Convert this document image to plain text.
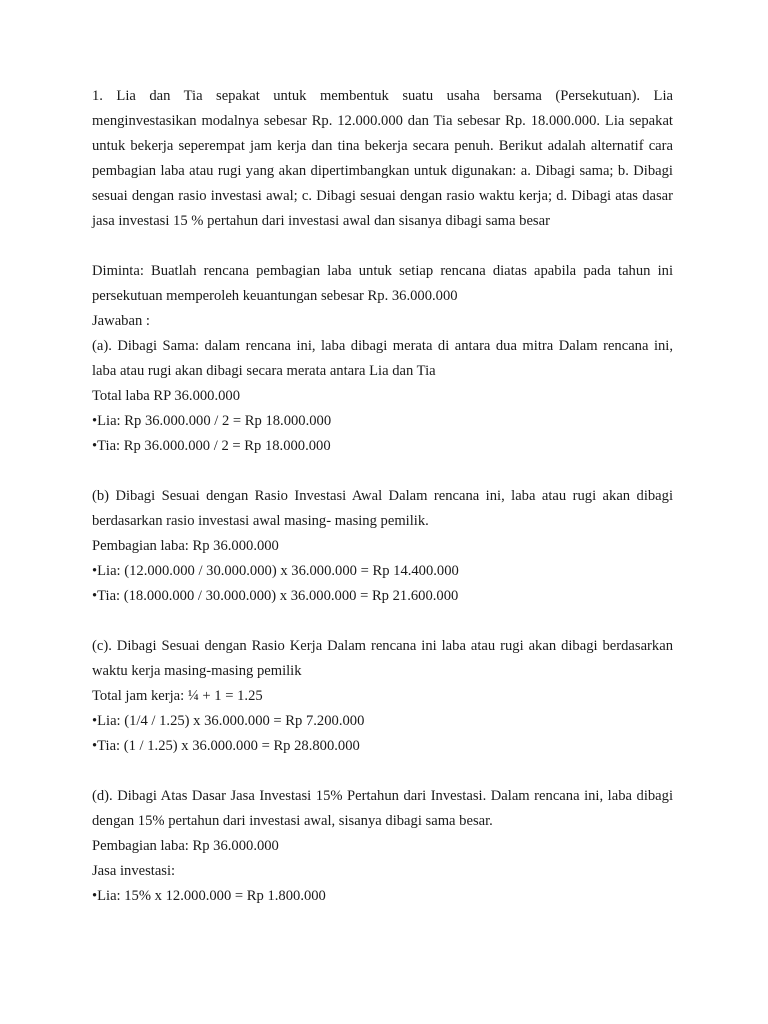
1. Lia dan Tia sepakat untuk membentuk suatu usaha bersama (Persekutuan). Lia menginvestasikan modalnya sebesar Rp. 12.000.000 dan Tia sebesar Rp. 18.000.000. Lia sepakat untuk bekerja seperempat jam kerja dan tina bekerja secara penuh. Berikut adalah alternatif cara pembagian laba atau rugi yang akan dipertimbangkan untuk digunakan: a. Dibagi sama; b. Dibagi sesuai dengan rasio investasi awal; c. Dibagi sesuai dengan rasio waktu kerja; d. Dibagi atas dasar jasa investasi 15 % pertahun dari investasi awal dan sisanya dibagi sama besar

Diminta: Buatlah rencana pembagian laba untuk setiap rencana diatas apabila pada tahun ini persekutuan memperoleh keuantungan sebesar Rp. 36.000.000

Jawaban :

(a). Dibagi Sama: dalam rencana ini, laba dibagi merata di antara dua mitra Dalam rencana ini, laba atau rugi akan dibagi secara merata antara Lia dan Tia

Total laba RP 36.000.000

•Lia: Rp 36.000.000 / 2 = Rp 18.000.000

•Tia: Rp 36.000.000 / 2 = Rp 18.000.000

(b) Dibagi Sesuai dengan Rasio Investasi Awal Dalam rencana ini, laba atau rugi akan dibagi berdasarkan rasio investasi awal masing- masing pemilik.

Pembagian laba: Rp 36.000.000

•Lia: (12.000.000 / 30.000.000) x 36.000.000 = Rp 14.400.000

•Tia: (18.000.000 / 30.000.000) x 36.000.000 = Rp 21.600.000

(c). Dibagi Sesuai dengan Rasio Kerja Dalam rencana ini laba atau rugi akan dibagi berdasarkan waktu kerja masing-masing pemilik

Total jam kerja: ¼ + 1 = 1.25

•Lia: (1/4 / 1.25) x 36.000.000 = Rp 7.200.000

•Tia: (1 / 1.25) x 36.000.000 = Rp 28.800.000

(d). Dibagi Atas Dasar Jasa Investasi 15% Pertahun dari Investasi. Dalam rencana ini, laba dibagi dengan 15% pertahun dari investasi awal, sisanya dibagi sama besar.

Pembagian laba: Rp 36.000.000

Jasa investasi:

•Lia: 15% x 12.000.000 = Rp 1.800.000
